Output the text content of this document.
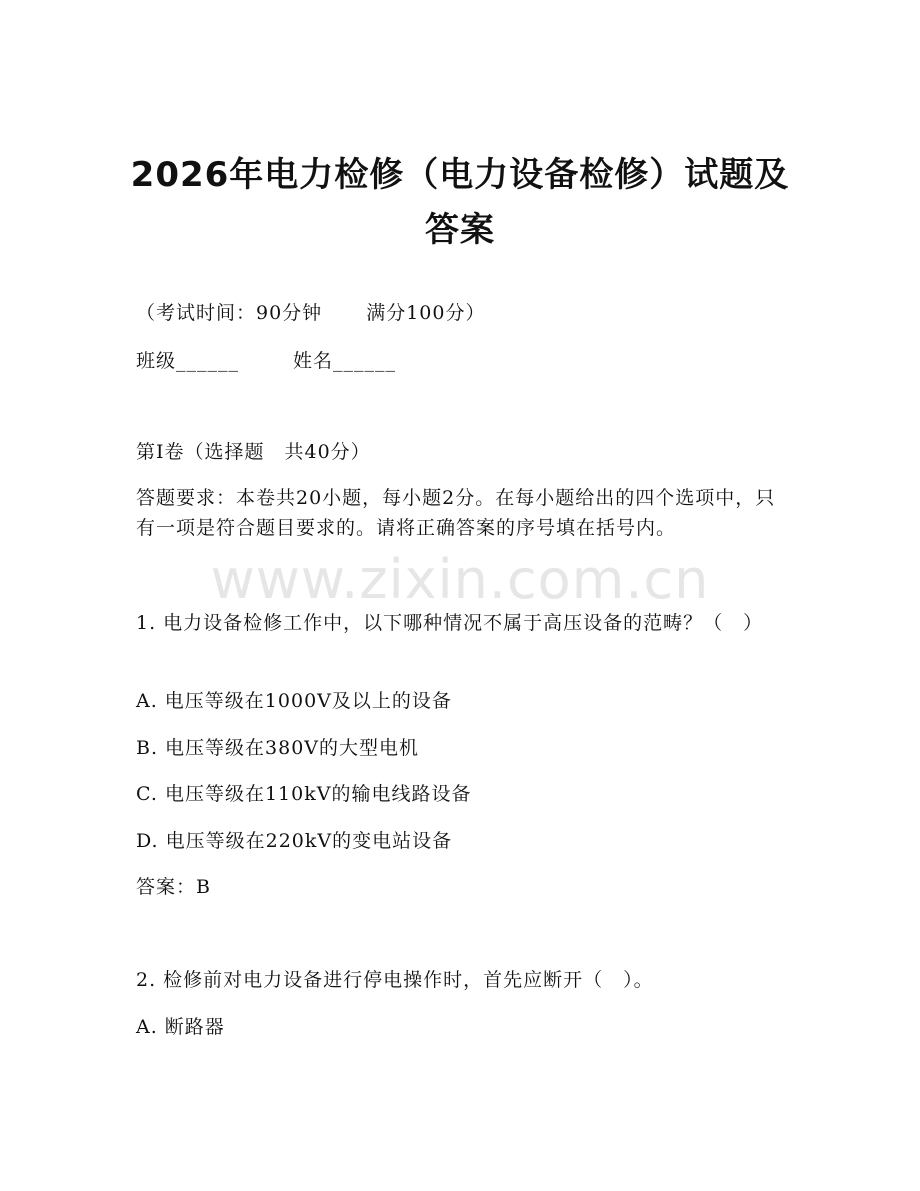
www.zixin.com.cn
2026年电力检修（电力设备检修）试题及答案
（考试时间：90分钟 满分100分）
班级______	姓名______
第Ⅰ卷（选择题　共40分）
答题要求：本卷共20小题，每小题2分。在每小题给出的四个选项中，只有一项是符合题目要求的。请将正确答案的序号填在括号内。
1. 电力设备检修工作中，以下哪种情况不属于高压设备的范畴？（　）
A. 电压等级在1000V及以上的设备
B. 电压等级在380V的大型电机
C. 电压等级在110kV的输电线路设备
D. 电压等级在220kV的变电站设备
答案：B
2. 检修前对电力设备进行停电操作时，首先应断开（　）。
A. 断路器
